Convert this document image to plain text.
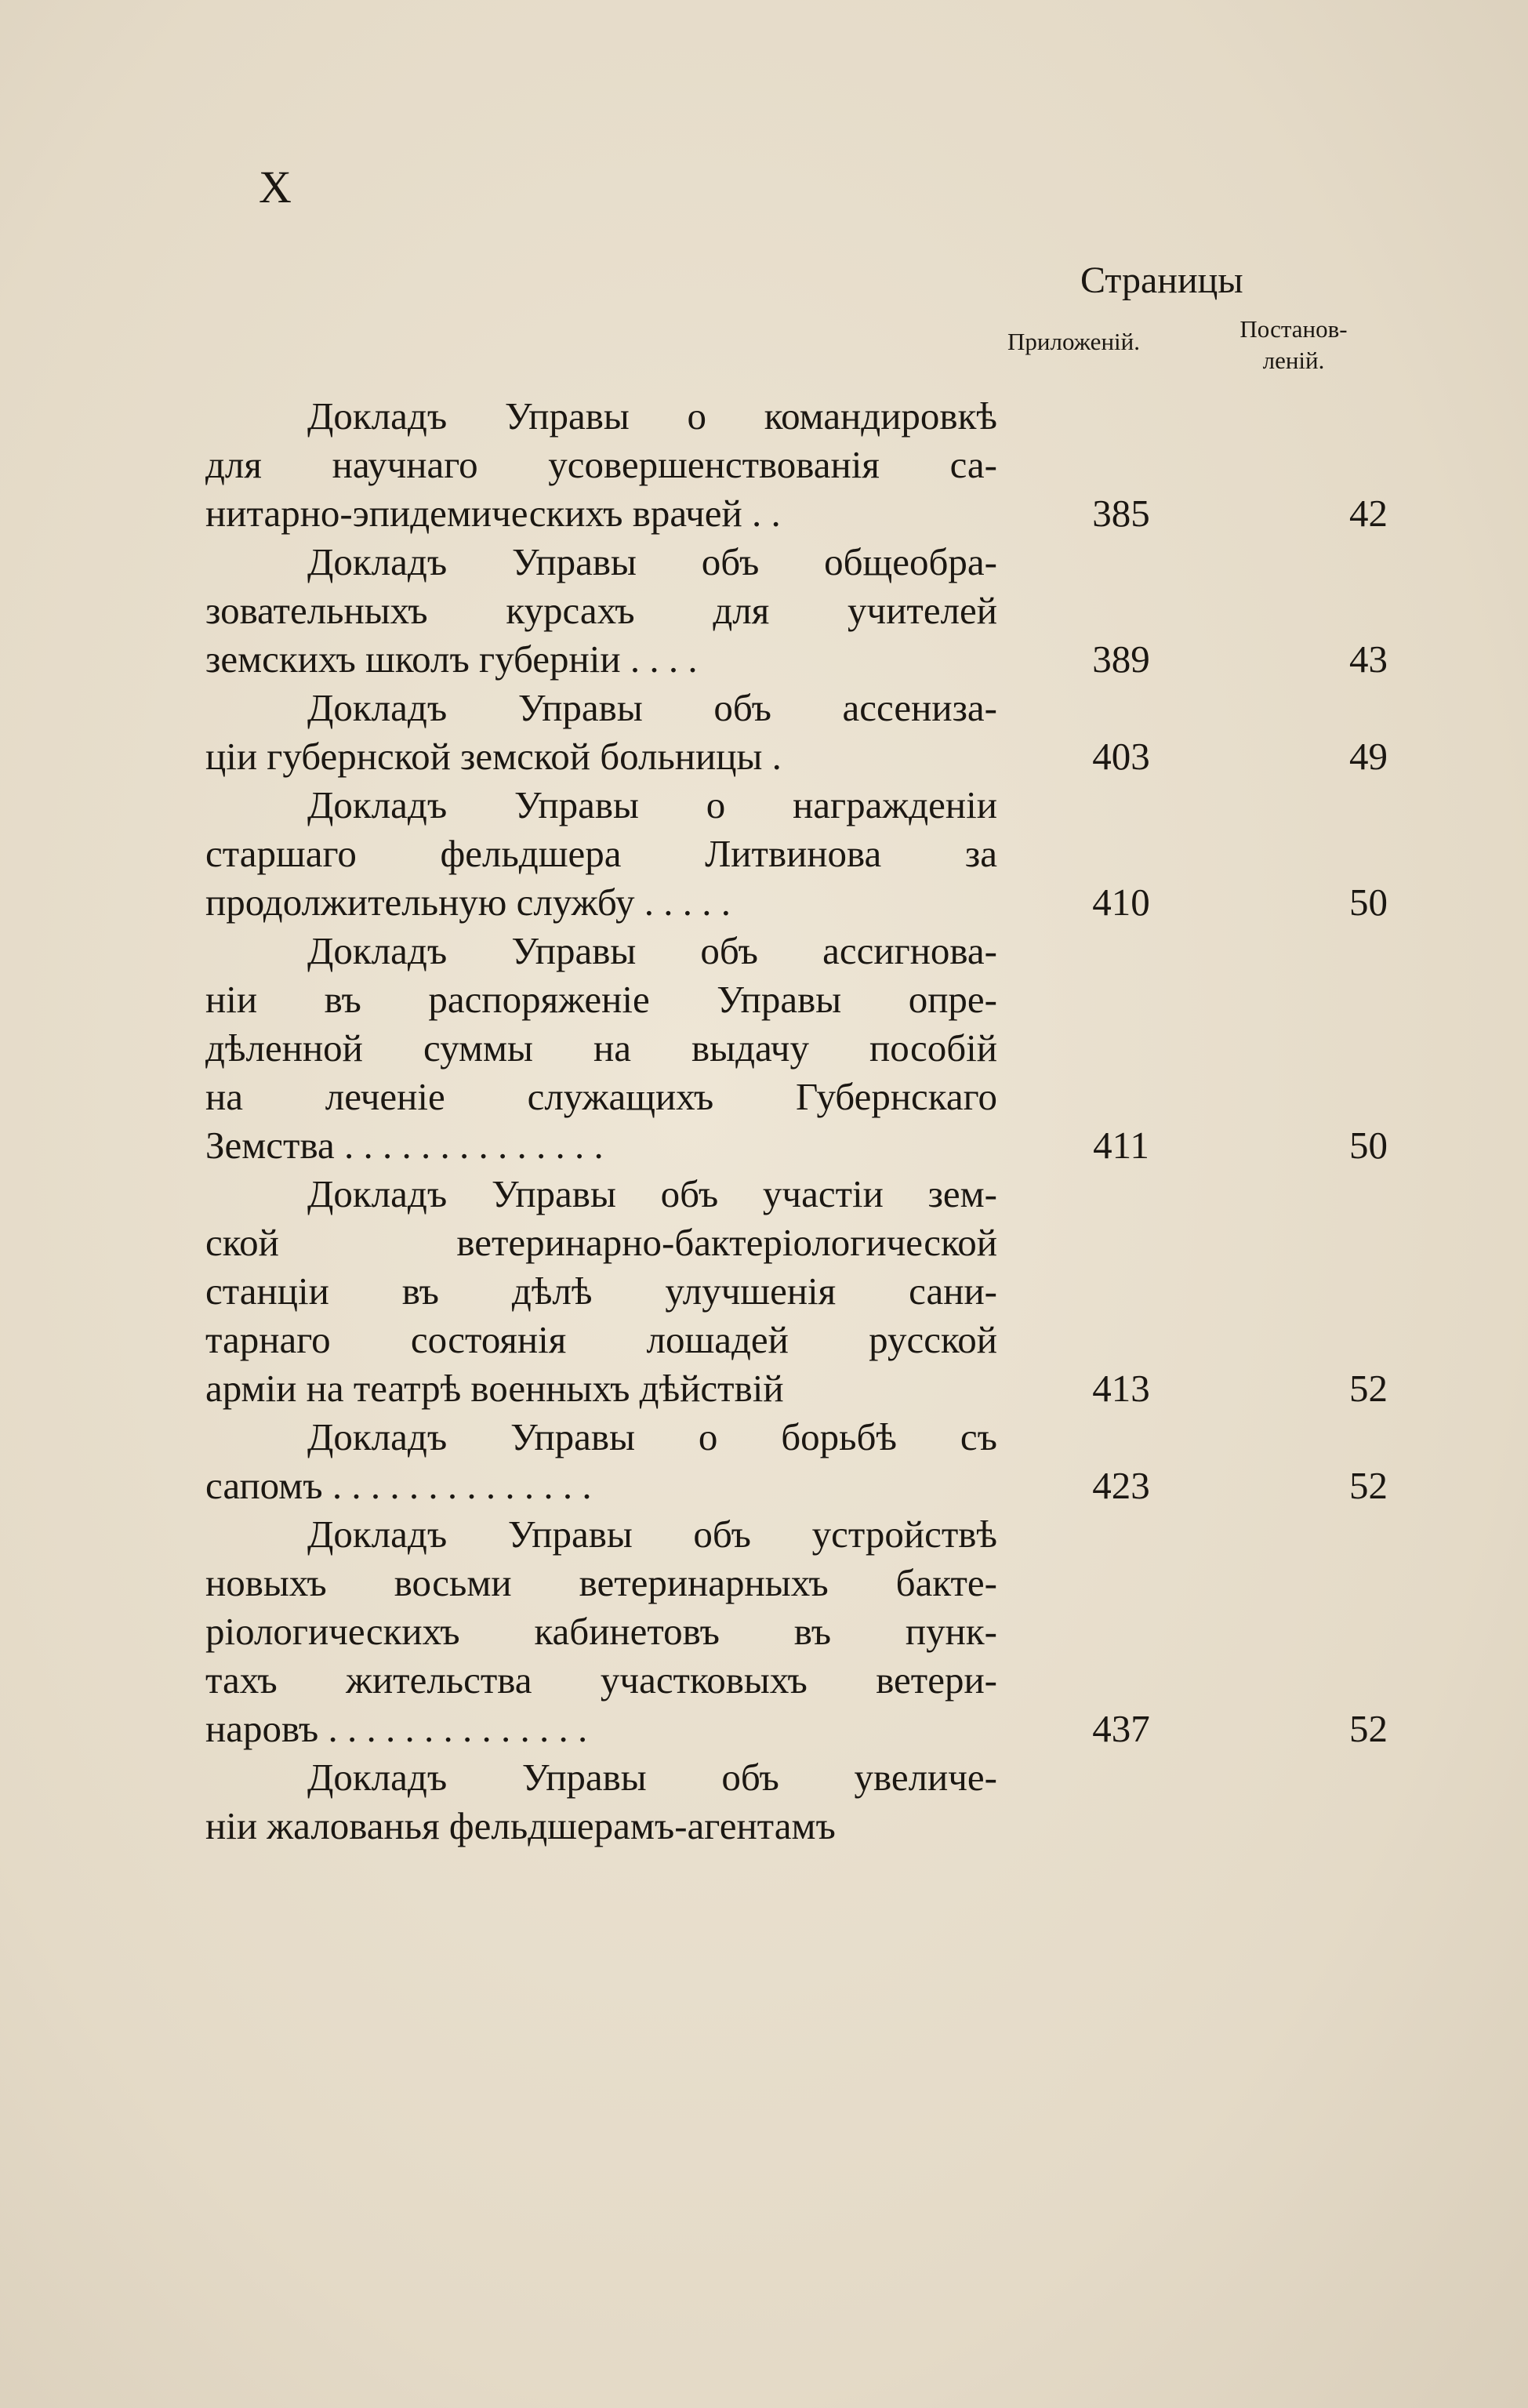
X
Страницы
Приложеній.	Постанов-
леній.
Докладъ Управы о командировкѣ
для научнаго усовершенствованія са-
нитарно-эпидемическихъ врачей . .	385	42
Докладъ Управы объ общеобра-
зовательныхъ курсахъ для учителей
земскихъ школъ губерніи . . . .	389	43
Докладъ Управы объ ассениза-
ціи губернской земской больницы .	403	49
Докладъ Управы о награжденіи
старшаго фельдшера Литвинова за
продолжительную службу . . . . .	410	50
Докладъ Управы объ ассигнова-
ніи въ распоряженіе Управы опре-
дѣленной суммы на выдачу пособій
на леченіе служащихъ Губернскаго
Земства . . . . . . . . . . . . . .	411	50
Докладъ Управы объ участіи зем-
ской ветеринарно-бактеріологической
станціи въ дѣлѣ улучшенія сани-
тарнаго состоянія лошадей русской
арміи на театрѣ военныхъ дѣйствій	413	52
Докладъ Управы о борьбѣ съ
сапомъ . . . . . . . . . . . . . .	423	52
Докладъ Управы объ устройствѣ
новыхъ восьми ветеринарныхъ бакте-
ріологическихъ кабинетовъ въ пунк-
тахъ жительства участковыхъ ветери-
наровъ . . . . . . . . . . . . . .	437	52
Докладъ Управы объ увеличе-
ніи жалованья фельдшерамъ-агентамъ
